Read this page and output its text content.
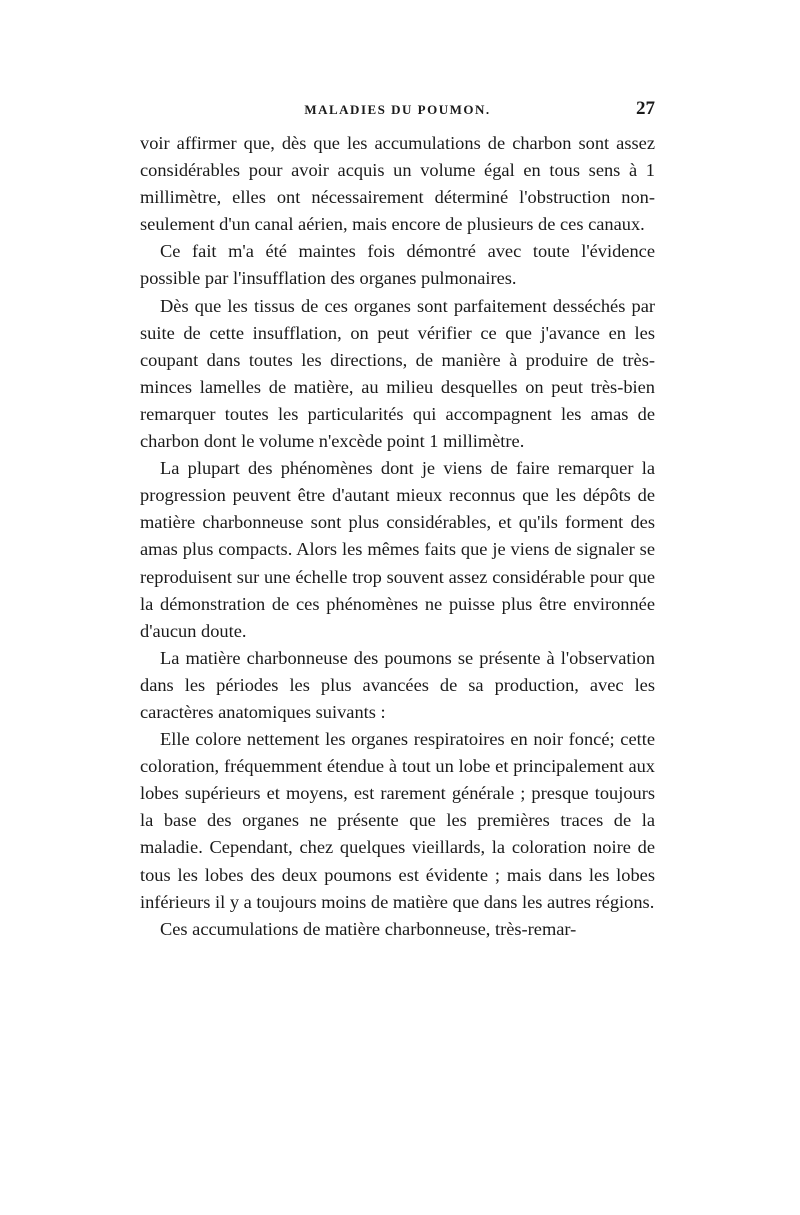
MALADIES DU POUMON.	27

voir affirmer que, dès que les accumulations de charbon sont assez considérables pour avoir acquis un volume égal en tous sens à 1 millimètre, elles ont nécessairement déterminé l'obstruction non-seulement d'un canal aérien, mais encore de plusieurs de ces canaux.

Ce fait m'a été maintes fois démontré avec toute l'évidence possible par l'insufflation des organes pulmonaires.

Dès que les tissus de ces organes sont parfaitement desséchés par suite de cette insufflation, on peut vérifier ce que j'avance en les coupant dans toutes les directions, de manière à produire de très-minces lamelles de matière, au milieu desquelles on peut très-bien remarquer toutes les particularités qui accompagnent les amas de charbon dont le volume n'excède point 1 millimètre.

La plupart des phénomènes dont je viens de faire remarquer la progression peuvent être d'autant mieux reconnus que les dépôts de matière charbonneuse sont plus considérables, et qu'ils forment des amas plus compacts. Alors les mêmes faits que je viens de signaler se reproduisent sur une échelle trop souvent assez considérable pour que la démonstration de ces phénomènes ne puisse plus être environnée d'aucun doute.

La matière charbonneuse des poumons se présente à l'observation dans les périodes les plus avancées de sa production, avec les caractères anatomiques suivants :

Elle colore nettement les organes respiratoires en noir foncé; cette coloration, fréquemment étendue à tout un lobe et principalement aux lobes supérieurs et moyens, est rarement générale ; presque toujours la base des organes ne présente que les premières traces de la maladie. Cependant, chez quelques vieillards, la coloration noire de tous les lobes des deux poumons est évidente ; mais dans les lobes inférieurs il y a toujours moins de matière que dans les autres régions.

Ces accumulations de matière charbonneuse, très-remar-
